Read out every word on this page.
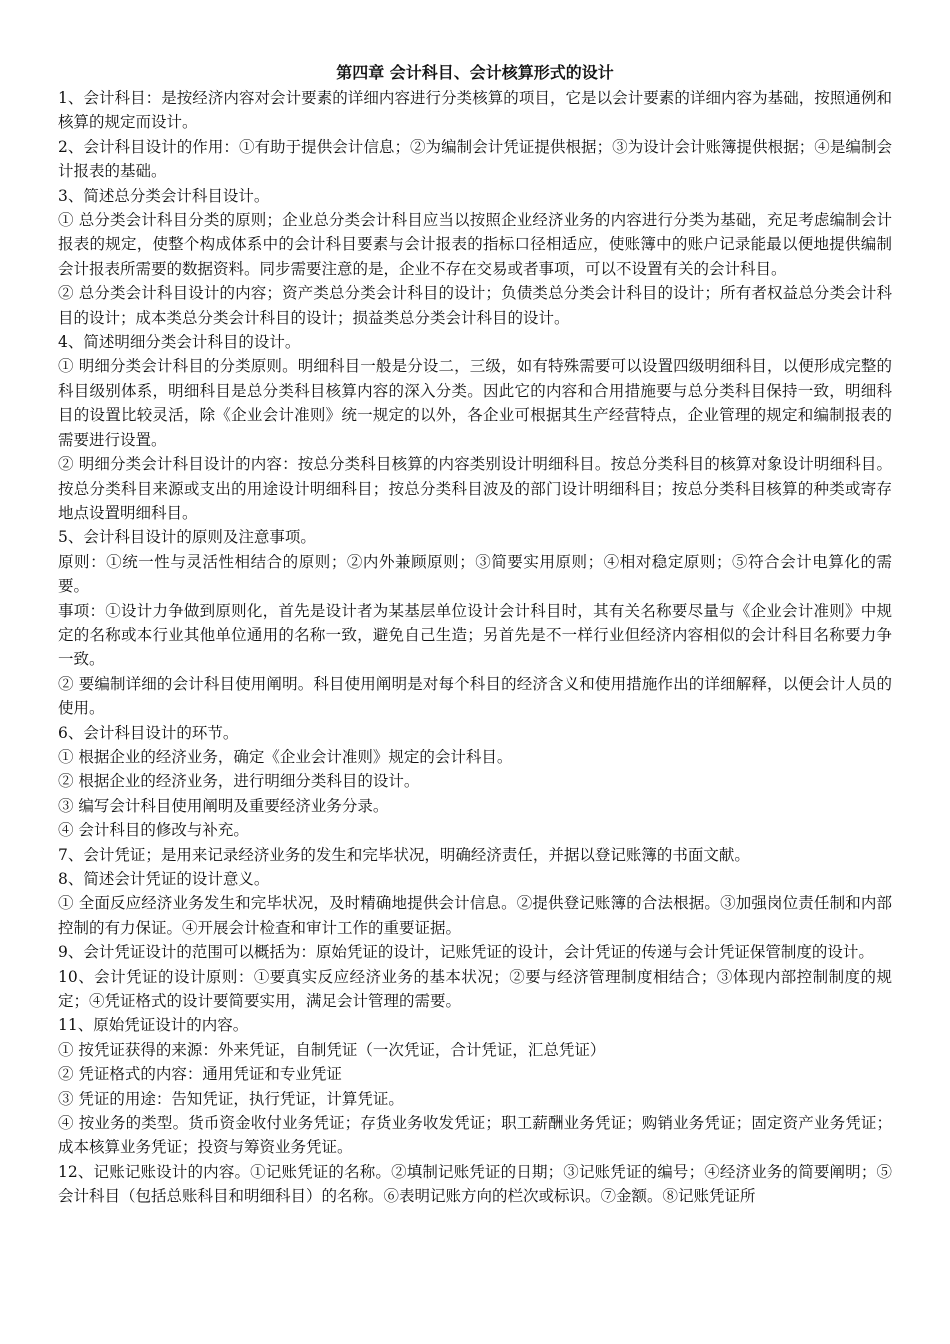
第四章 会计科目、会计核算形式的设计

1、会计科目：是按经济内容对会计要素的详细内容进行分类核算的项目，它是以会计要素的详细内容为基础，按照通例和核算的规定而设计。

2、会计科目设计的作用：①有助于提供会计信息；②为编制会计凭证提供根据；③为设计会计账簿提供根据；④是编制会计报表的基础。

3、简述总分类会计科目设计。

① 总分类会计科目分类的原则；企业总分类会计科目应当以按照企业经济业务的内容进行分类为基础，充足考虑编制会计报表的规定，使整个构成体系中的会计科目要素与会计报表的指标口径相适应，使账簿中的账户记录能最以便地提供编制会计报表所需要的数据资料。同步需要注意的是，企业不存在交易或者事项，可以不设置有关的会计科目。

② 总分类会计科目设计的内容；资产类总分类会计科目的设计；负债类总分类会计科目的设计；所有者权益总分类会计科目的设计；成本类总分类会计科目的设计；损益类总分类会计科目的设计。

4、简述明细分类会计科目的设计。

① 明细分类会计科目的分类原则。明细科目一般是分设二，三级，如有特殊需要可以设置四级明细科目，以便形成完整的科目级别体系，明细科目是总分类科目核算内容的深入分类。因此它的内容和合用措施要与总分类科目保持一致，明细科目的设置比较灵活，除《企业会计准则》统一规定的以外，各企业可根据其生产经营特点，企业管理的规定和编制报表的需要进行设置。

② 明细分类会计科目设计的内容：按总分类科目核算的内容类别设计明细科目。按总分类科目的核算对象设计明细科目。按总分类科目来源或支出的用途设计明细科目；按总分类科目波及的部门设计明细科目；按总分类科目核算的种类或寄存地点设置明细科目。

5、会计科目设计的原则及注意事项。

原则：①统一性与灵活性相结合的原则；②内外兼顾原则；③简要实用原则；④相对稳定原则；⑤符合会计电算化的需要。

事项：①设计力争做到原则化，首先是设计者为某基层单位设计会计科目时，其有关名称要尽量与《企业会计准则》中规定的名称或本行业其他单位通用的名称一致，避免自己生造；另首先是不一样行业但经济内容相似的会计科目名称要力争一致。

② 要编制详细的会计科目使用阐明。科目使用阐明是对每个科目的经济含义和使用措施作出的详细解释，以便会计人员的使用。

6、会计科目设计的环节。

① 根据企业的经济业务，确定《企业会计准则》规定的会计科目。

② 根据企业的经济业务，进行明细分类科目的设计。

③ 编写会计科目使用阐明及重要经济业务分录。

④ 会计科目的修改与补充。

7、会计凭证；是用来记录经济业务的发生和完毕状况，明确经济责任，并据以登记账簿的书面文献。

8、简述会计凭证的设计意义。

① 全面反应经济业务发生和完毕状况，及时精确地提供会计信息。②提供登记账簿的合法根据。③加强岗位责任制和内部控制的有力保证。④开展会计检查和审计工作的重要证据。

9、会计凭证设计的范围可以概括为：原始凭证的设计，记账凭证的设计，会计凭证的传递与会计凭证保管制度的设计。

10、会计凭证的设计原则：①要真实反应经济业务的基本状况；②要与经济管理制度相结合；③体现内部控制制度的规定；④凭证格式的设计要简要实用，满足会计管理的需要。

11、原始凭证设计的内容。

① 按凭证获得的来源：外来凭证，自制凭证（一次凭证，合计凭证，汇总凭证）

② 凭证格式的内容：通用凭证和专业凭证

③ 凭证的用途：告知凭证，执行凭证，计算凭证。

④ 按业务的类型。货币资金收付业务凭证；存货业务收发凭证；职工薪酬业务凭证；购销业务凭证；固定资产业务凭证；成本核算业务凭证；投资与筹资业务凭证。

12、记账记账设计的内容。①记账凭证的名称。②填制记账凭证的日期；③记账凭证的编号；④经济业务的简要阐明；⑤会计科目（包括总账科目和明细科目）的名称。⑥表明记账方向的栏次或标识。⑦金额。⑧记账凭证所
